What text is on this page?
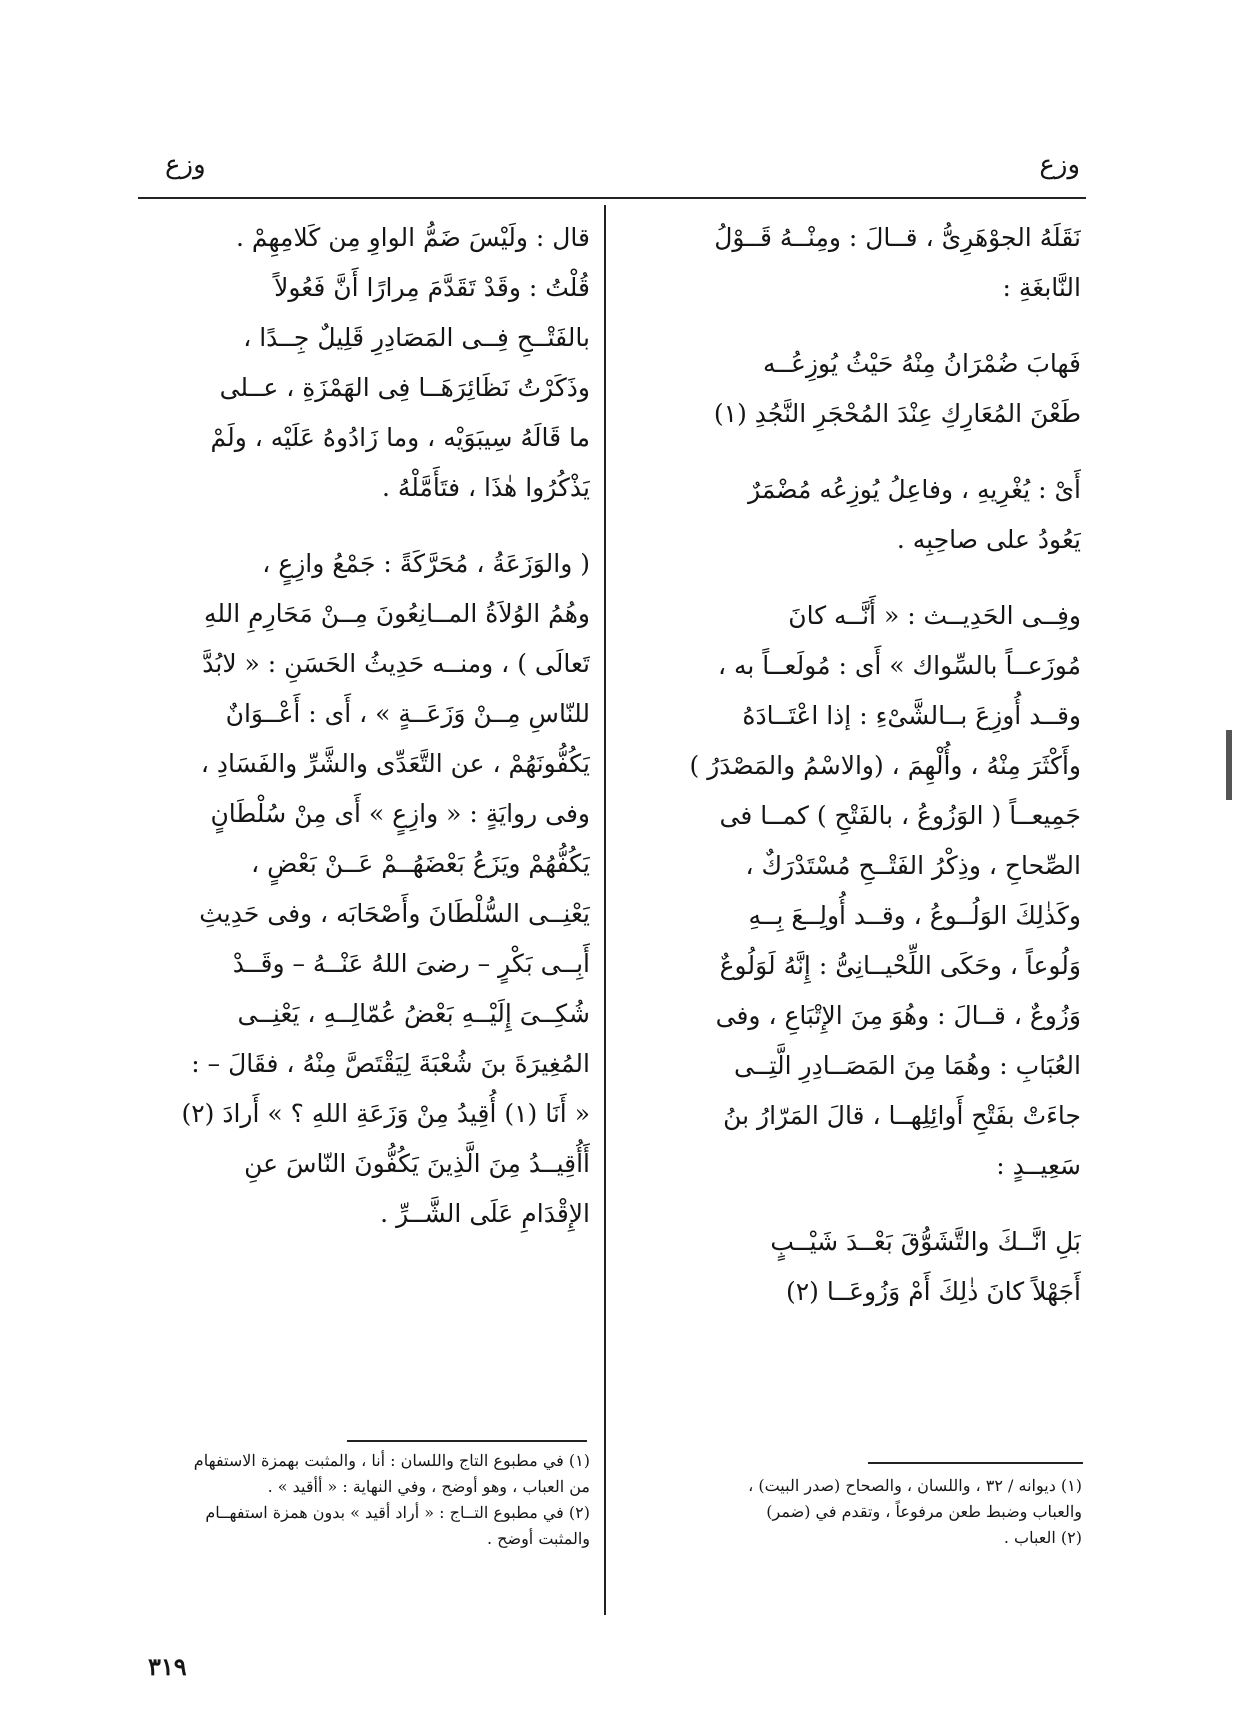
وزع
وزع
نَقَلَهُ الجوْهَرِىُّ ، قــالَ : ومِنْــهُ قَــوْلُ
النَّابغَةِ :
فَهابَ ضُمْرَانُ مِنْهُ حَيْثُ يُوزِعُــه
طَعْنَ المُعَارِكِ عِنْدَ المُحْجَرِ النَّجُدِ (١)
أَىْ : يُغْرِيهِ ، وفاعِلُ يُوزِعُه مُضْمَرٌ
يَعُودُ على صاحِبِه .
وفِــى الحَدِيــث : « أَنَّــه كانَ
مُوزَعــاً بالسِّواك » أَى : مُولَعــاً به ،
وقــد أُوزِعَ بــالشَّىْءِ : إذا اعْتَــادَهُ
وأَكْثَرَ مِنْهُ ، وأُلْهِمَ ، (والاسْمُ والمَصْدَرُ )
جَمِيعــاً ( الوَزُوعُ ، بالفَتْحِ ) كمــا فى
الصِّحاحِ ، وذِكْرُ الفَتْــحِ مُسْتَدْرَكٌ ،
وكَذٰلِكَ الوَلُــوعُ ، وقــد أُولِــعَ بِــهِ
وَلُوعاً ، وحَكَى اللِّحْيــانِىُّ : إِنَّهُ لَوَلُوعٌ
وَزُوعٌ ، قــالَ : وهُوَ مِنَ الإِتْبَاعِ ، وفى
العُبَابِ : وهُمَا مِنَ المَصَــادِرِ الَّتِــى
جاءَتْ بفَتْحِ أَوائِلِهــا ، قالَ المَرّارُ بنُ
سَعِيــدٍ :
بَلِ انَّــكَ والتَّشَوُّقَ بَعْــدَ شَيْــبٍ
أَجَهْلاً كانَ ذٰلِكَ أَمْ وَزُوعَــا (٢)
قال : ولَيْسَ ضَمُّ الواوِ مِن كَلامِهِمْ .
قُلْتُ : وقَدْ تَقَدَّمَ مِرارًا أَنَّ فَعُولاً
بالفَتْــحِ فِــى المَصَادِرِ قَلِيلٌ جِــدًا ،
وذَكَرْتُ نَظَائِرَهَــا فِى الهَمْزَةِ ، عــلى
ما قَالَهُ سِيبَوَيْه ، وما زَادُوهُ عَلَيْه ، ولَمْ
يَذْكُرُوا هٰذَا ، فتَأَمَّلْهُ .
( والوَزَعَةُ ، مُحَرَّكَةً : جَمْعُ وازِعٍ ،
وهُمُ الوُلاَةُ المــانِعُونَ مِــنْ مَحَارِمِ اللهِ
تَعالَى ) ، ومنــه حَدِيثُ الحَسَنِ : « لابُدَّ
للنّاسِ مِــنْ وَزَعَــةٍ » ، أَى : أَعْــوَانٌ
يَكُفُّونَهُمْ ، عن التَّعَدِّى والشَّرِّ والفَسَادِ ،
وفى روايَةٍ : « وازِعٍ » أَى مِنْ سُلْطَانٍ
يَكُفُّهُمْ ويَزَعُ بَعْضَهُــمْ عَــنْ بَعْضٍ ،
يَعْنِــى السُّلْطَانَ وأَصْحَابَه ، وفى حَدِيثِ
أَبِــى بَكْرٍ – رضىَ اللهُ عَنْــهُ – وقَــدْ
شُكِــىَ إِلَيْــهِ بَعْضُ عُمّالِــهِ ، يَعْنِــى
المُغِيرَةَ بنَ شُعْبَةَ لِيَقْتَصَّ مِنْهُ ، فقَالَ – :
« أَنَا (١) أُقِيدُ مِنْ وَزَعَةِ اللهِ ؟ » أَرادَ (٢)
أَأُقِيــدُ مِنَ الَّذِينَ يَكُفُّونَ النّاسَ عنِ
الإِقْدَامِ عَلَى الشَّــرِّ .
(١) ديوانه / ٣٢ ، واللسان ، والصحاح (صدر البيت) ،
والعباب وضبط طعن مرفوعاً ، وتقدم في (ضمر)
(٢) العباب .
(١) في مطبوع التاج واللسان : أنا ، والمثبت بهمزة الاستفهام
من العباب ، وهو أوضح ، وفي النهاية : « أأقيد » .
(٢) في مطبوع التــاج : « أراد أقيد » بدون همزة استفهــام
والمثبت أوضح .
٣١٩
